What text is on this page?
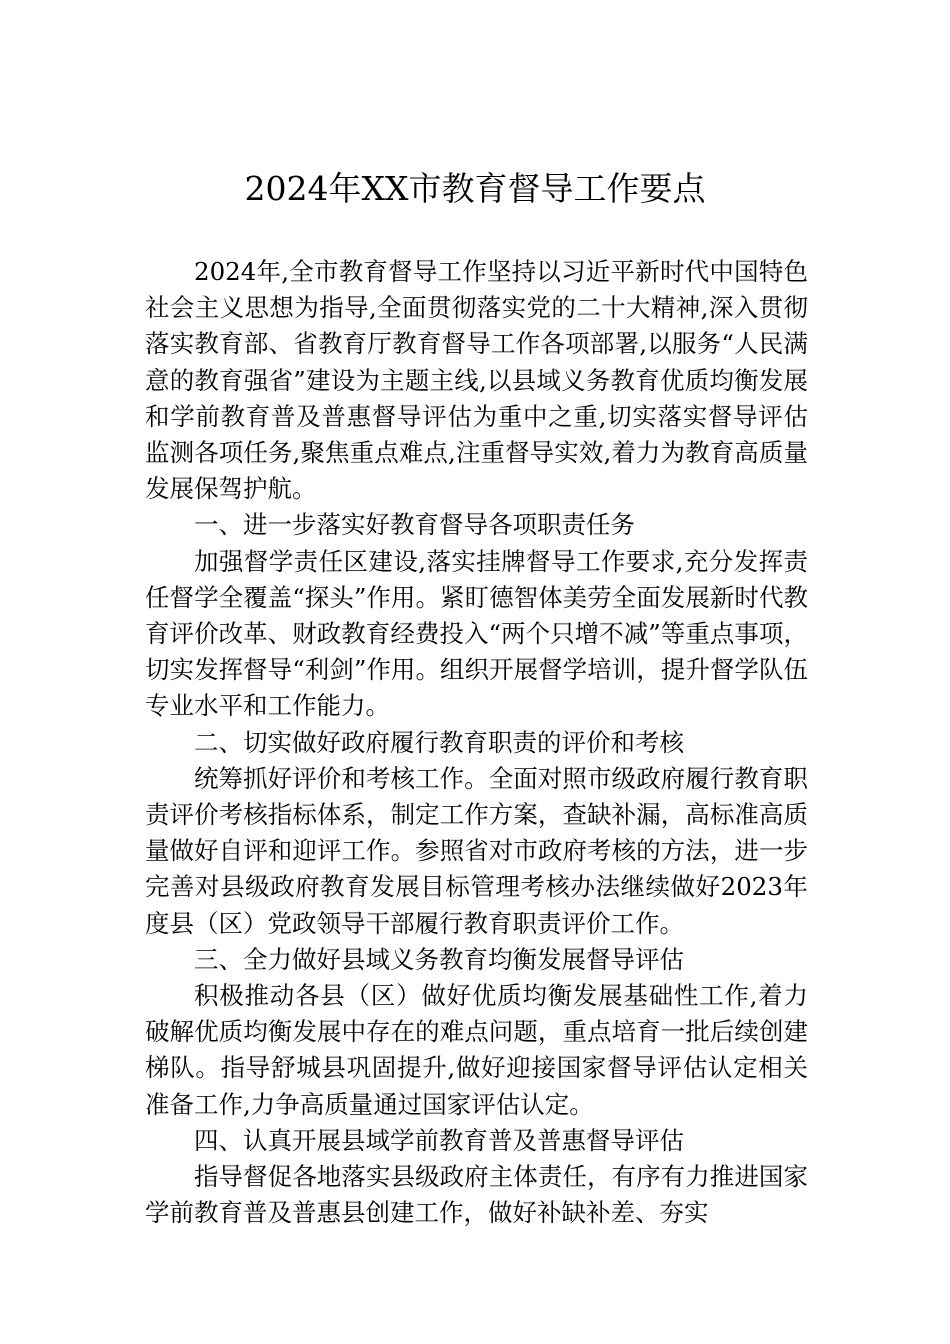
2024年XX市教育督导工作要点

2024年,全市教育督导工作坚持以习近平新时代中国特色社会主义思想为指导,全面贯彻落实党的二十大精神,深入贯彻落实教育部、省教育厅教育督导工作各项部署,以服务“人民满意的教育强省”建设为主题主线,以县域义务教育优质均衡发展和学前教育普及普惠督导评估为重中之重,切实落实督导评估监测各项任务,聚焦重点难点,注重督导实效,着力为教育高质量发展保驾护航。

一、进一步落实好教育督导各项职责任务

加强督学责任区建设,落实挂牌督导工作要求,充分发挥责任督学全覆盖“探头”作用。紧盯德智体美劳全面发展新时代教育评价改革、财政教育经费投入“两个只增不减”等重点事项，切实发挥督导“利剑”作用。组织开展督学培训，提升督学队伍专业水平和工作能力。

二、切实做好政府履行教育职责的评价和考核

统筹抓好评价和考核工作。全面对照市级政府履行教育职责评价考核指标体系，制定工作方案，查缺补漏，高标准高质量做好自评和迎评工作。参照省对市政府考核的方法，进一步完善对县级政府教育发展目标管理考核办法继续做好2023年度县（区）党政领导干部履行教育职责评价工作。

三、全力做好县域义务教育均衡发展督导评估

积极推动各县（区）做好优质均衡发展基础性工作,着力破解优质均衡发展中存在的难点问题，重点培育一批后续创建梯队。指导舒城县巩固提升,做好迎接国家督导评估认定相关准备工作,力争高质量通过国家评估认定。

四、认真开展县域学前教育普及普惠督导评估

指导督促各地落实县级政府主体责任，有序有力推进国家学前教育普及普惠县创建工作，做好补缺补差、夯实
